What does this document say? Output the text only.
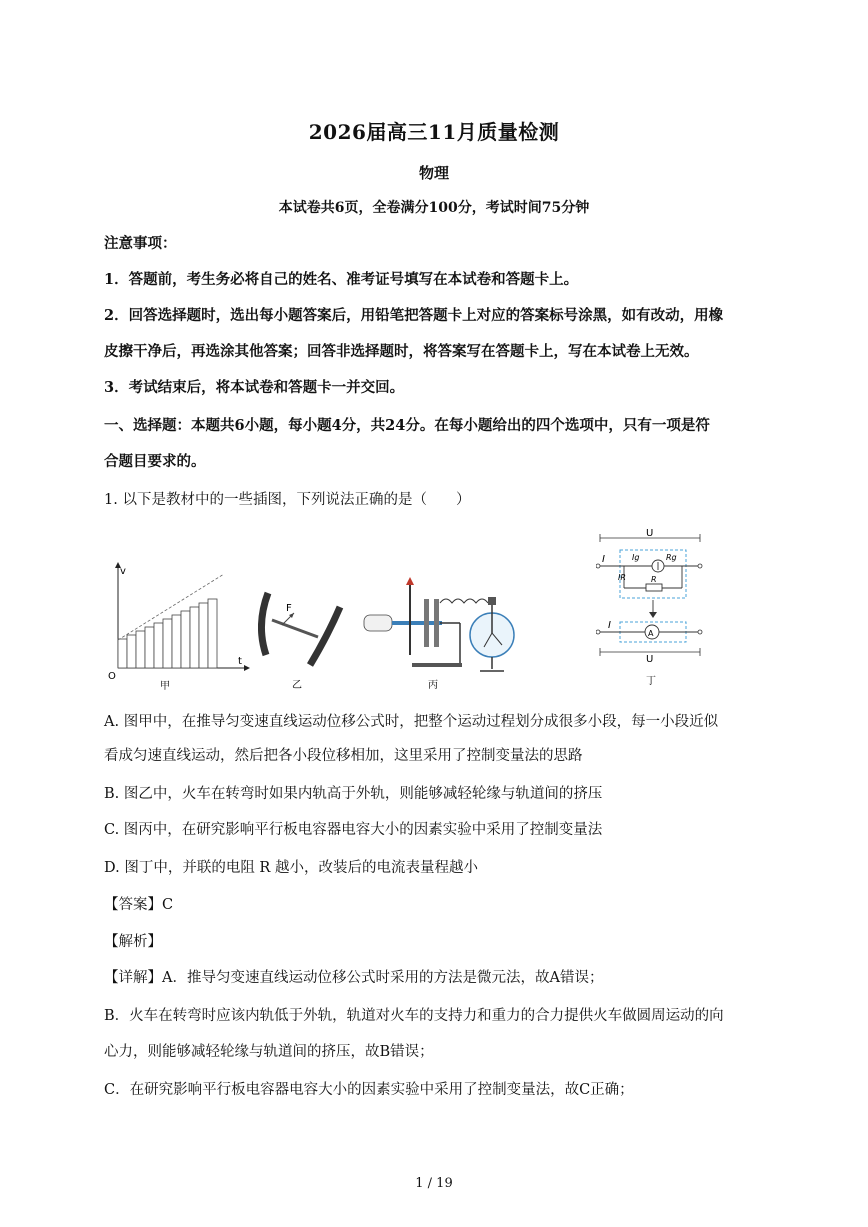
2026届高三11月质量检测
物理
本试卷共6页，全卷满分100分，考试时间75分钟
注意事项：
1．答题前，考生务必将自己的姓名、准考证号填写在本试卷和答题卡上。
2．回答选择题时，选出每小题答案后，用铅笔把答题卡上对应的答案标号涂黑，如有改动，用橡
皮擦干净后，再选涂其他答案；回答非选择题时，将答案写在答题卡上，写在本试卷上无效。
3．考试结束后，将本试卷和答题卡一并交回。
一、选择题：本题共6小题，每小题4分，共24分。在每小题给出的四个选项中，只有一项是符
合题目要求的。
1. 以下是教材中的一些插图，下列说法正确的是（　　）
v
t
O
甲
F
乙	丙
U
I	Ig	Rg
IR	R
A
I
U
丁
A. 图甲中，在推导匀变速直线运动位移公式时，把整个运动过程划分成很多小段，每一小段近似
看成匀速直线运动，然后把各小段位移相加，这里采用了控制变量法的思路
B. 图乙中，火车在转弯时如果内轨高于外轨，则能够减轻轮缘与轨道间的挤压
C. 图丙中，在研究影响平行板电容器电容大小的因素实验中采用了控制变量法
D. 图丁中，并联的电阻 R 越小，改装后的电流表量程越小
【答案】C
【解析】
【详解】A．推导匀变速直线运动位移公式时采用的方法是微元法，故A错误；
B．火车在转弯时应该内轨低于外轨，轨道对火车的支持力和重力的合力提供火车做圆周运动的向
心力，则能够减轻轮缘与轨道间的挤压，故B错误；
C．在研究影响平行板电容器电容大小的因素实验中采用了控制变量法，故C正确；
1 / 19
